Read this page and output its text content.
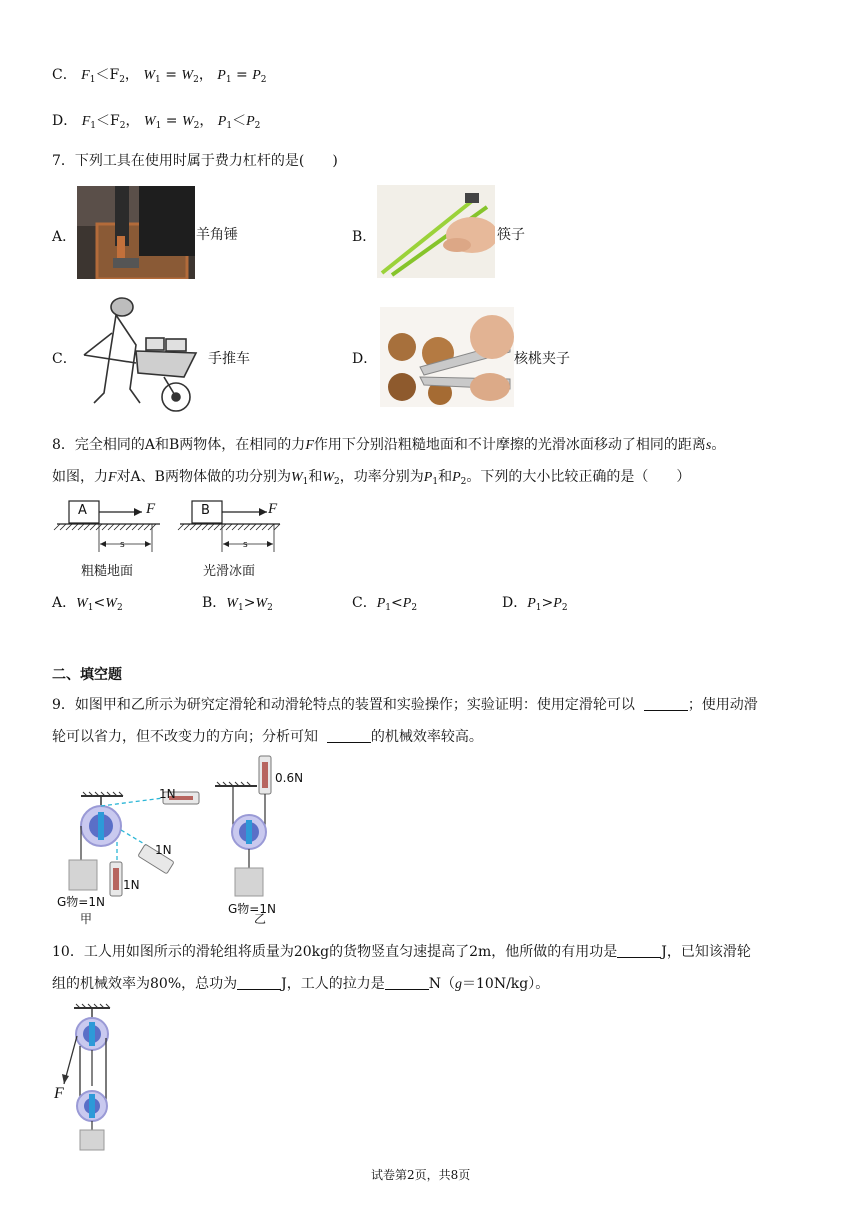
C． $F_1<F_2$， $W_1 = W_2$， $P_1 = P_2$
D． $F_1<F_2$， $W_1 = W_2$， $P_1<P_2$
7．下列工具在使用时属于费力杠杆的是(　　)
A．	羊角锤	B．	筷子
C．	手推车	D．	核桃夹子
8．完全相同的A和B两物体，在相同的力F作用下分别沿粗糙地面和不计摩擦的光滑冰面移动了相同的距离s。
如图，力F对A、B两物体做的功分别为$W_1$和$W_2$，功率分别为$P_1$和$P_2$。下列的大小比较正确的是（　　）
A	F
s
粗糙地面
B	F
s
光滑冰面
A．$W_1<W_2$	B．$W_1>W_2$	C．$P_1<P_2$	D．$P_1>P_2$
二、填空题
9．如图甲和乙所示为研究定滑轮和动滑轮特点的装置和实验操作；实验证明：使用定滑轮可以	；使用动滑
轮可以省力，但不改变力的方向；分析可知	的机械效率较高。
1N
1N
1N
G物=1N
甲
0.6N
G物=1N
乙
10．工人用如图所示的滑轮组将质量为20kg的货物竖直匀速提高了2m，他所做的有用功是	J，已知该滑轮
组的机械效率为80%，总功为	J，工人的拉力是	N（g＝10N/kg）。
F
试卷第2页，共8页
